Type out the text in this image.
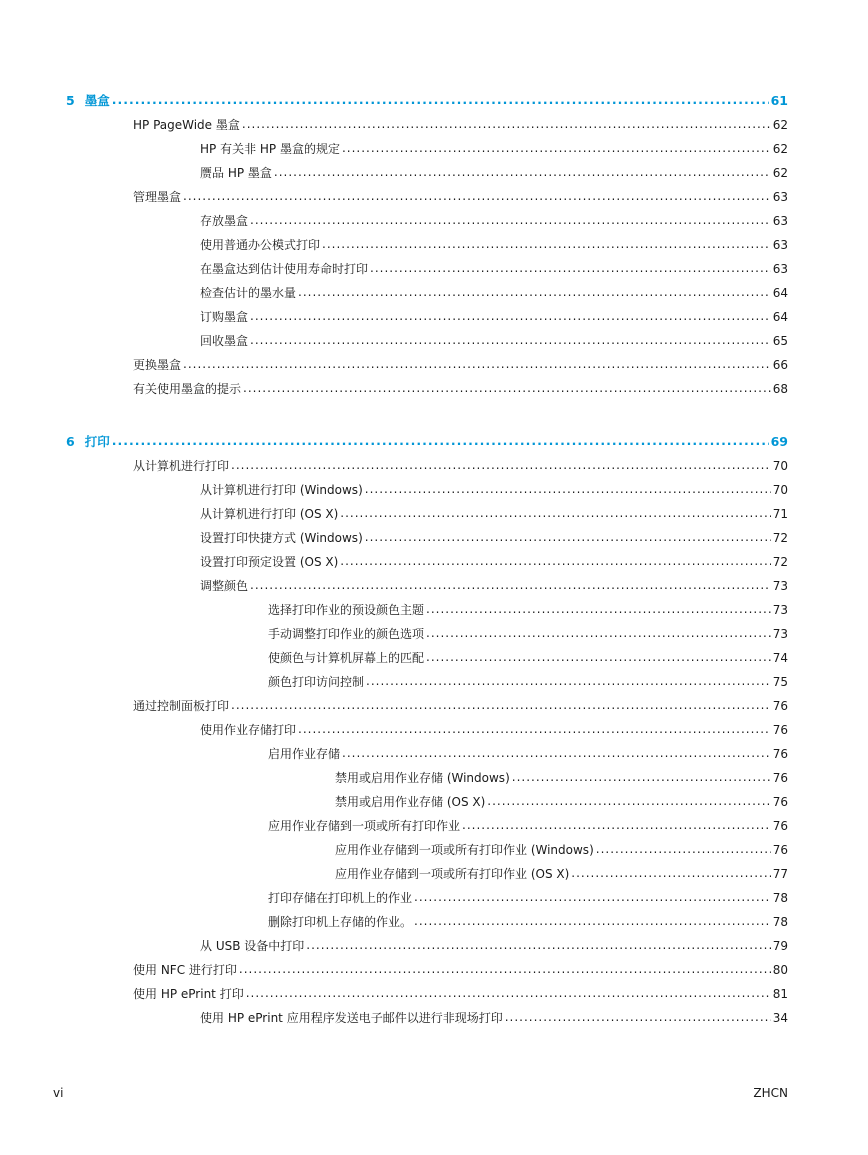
5 墨盒 .....	61
HP PageWide 墨盒 .....	62
HP 有关非 HP 墨盒的规定 .....	62
赝品 HP 墨盒 .....	62
管理墨盒 .....	63
存放墨盒 .....	63
使用普通办公模式打印 .....	63
在墨盒达到估计使用寿命时打印 .....	63
检查估计的墨水量 .....	64
订购墨盒 .....	64
回收墨盒 .....	65
更换墨盒 .....	66
有关使用墨盒的提示 .....	68
6 打印 .....	69
从计算机进行打印 .....	70
从计算机进行打印 (Windows) .....	70
从计算机进行打印 (OS X) .....	71
设置打印快捷方式 (Windows) .....	72
设置打印预定设置 (OS X) .....	72
调整颜色 .....	73
选择打印作业的预设颜色主题 .....	73
手动调整打印作业的颜色选项 .....	73
使颜色与计算机屏幕上的匹配 .....	74
颜色打印访问控制 .....	75
通过控制面板打印 .....	76
使用作业存储打印 .....	76
启用作业存储 .....	76
禁用或启用作业存储 (Windows) .....	76
禁用或启用作业存储 (OS X) .....	76
应用作业存储到一项或所有打印作业 .....	76
应用作业存储到一项或所有打印作业 (Windows) .....	76
应用作业存储到一项或所有打印作业 (OS X) .....	77
打印存储在打印机上的作业 .....	78
删除打印机上存储的作业。 .....	78
从 USB 设备中打印 .....	79
使用 NFC 进行打印 .....	80
使用 HP ePrint 打印 .....	81
使用 HP ePrint 应用程序发送电子邮件以进行非现场打印 .....	34
vi	ZHCN
